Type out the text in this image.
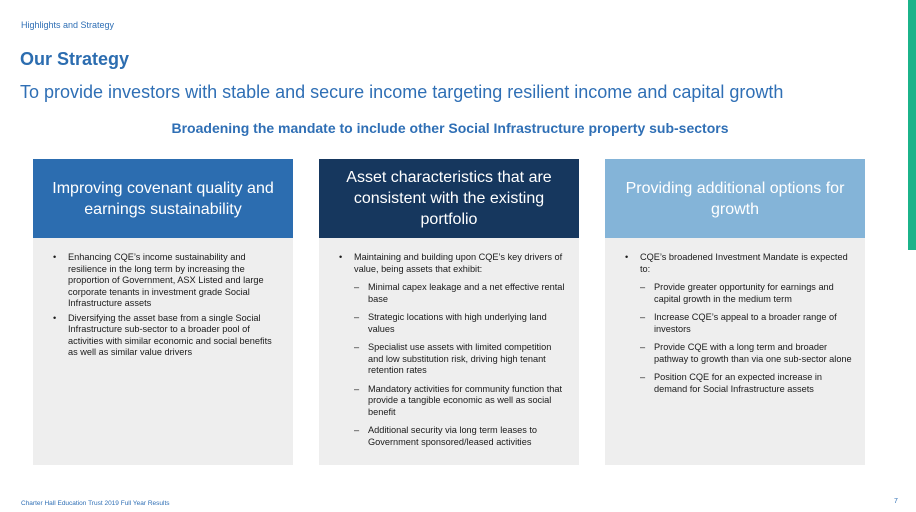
Highlights and Strategy
Our Strategy
To provide investors with stable and secure income targeting resilient income and capital growth
Broadening the mandate to include other Social Infrastructure property sub-sectors
Improving covenant quality and earnings sustainability
• Enhancing CQE’s income sustainability and resilience in the long term by increasing the proportion of Government, ASX Listed and large corporate tenants in investment grade Social Infrastructure assets
• Diversifying the asset base from a single Social Infrastructure sub-sector to a broader pool of activities with similar economic and social benefits as well as similar value drivers
Asset characteristics that are consistent with the existing portfolio
• Maintaining and building upon CQE’s key drivers of value, being assets that exhibit:
– Minimal capex leakage and a net effective rental base
– Strategic locations with high underlying land values
– Specialist use assets with limited competition and low substitution risk, driving high tenant retention rates
– Mandatory activities for community function that provide a tangible economic as well as social benefit
– Additional security via long term leases to Government sponsored/leased activities
Providing additional options for growth
• CQE’s broadened Investment Mandate is expected to:
– Provide greater opportunity for earnings and capital growth in the medium term
– Increase CQE’s appeal to a broader range of investors
– Provide CQE with a long term and broader pathway to growth than via one sub-sector alone
– Position CQE for an expected increase in demand for Social Infrastructure assets
Charter Hall Education Trust 2019 Full Year Results	7
